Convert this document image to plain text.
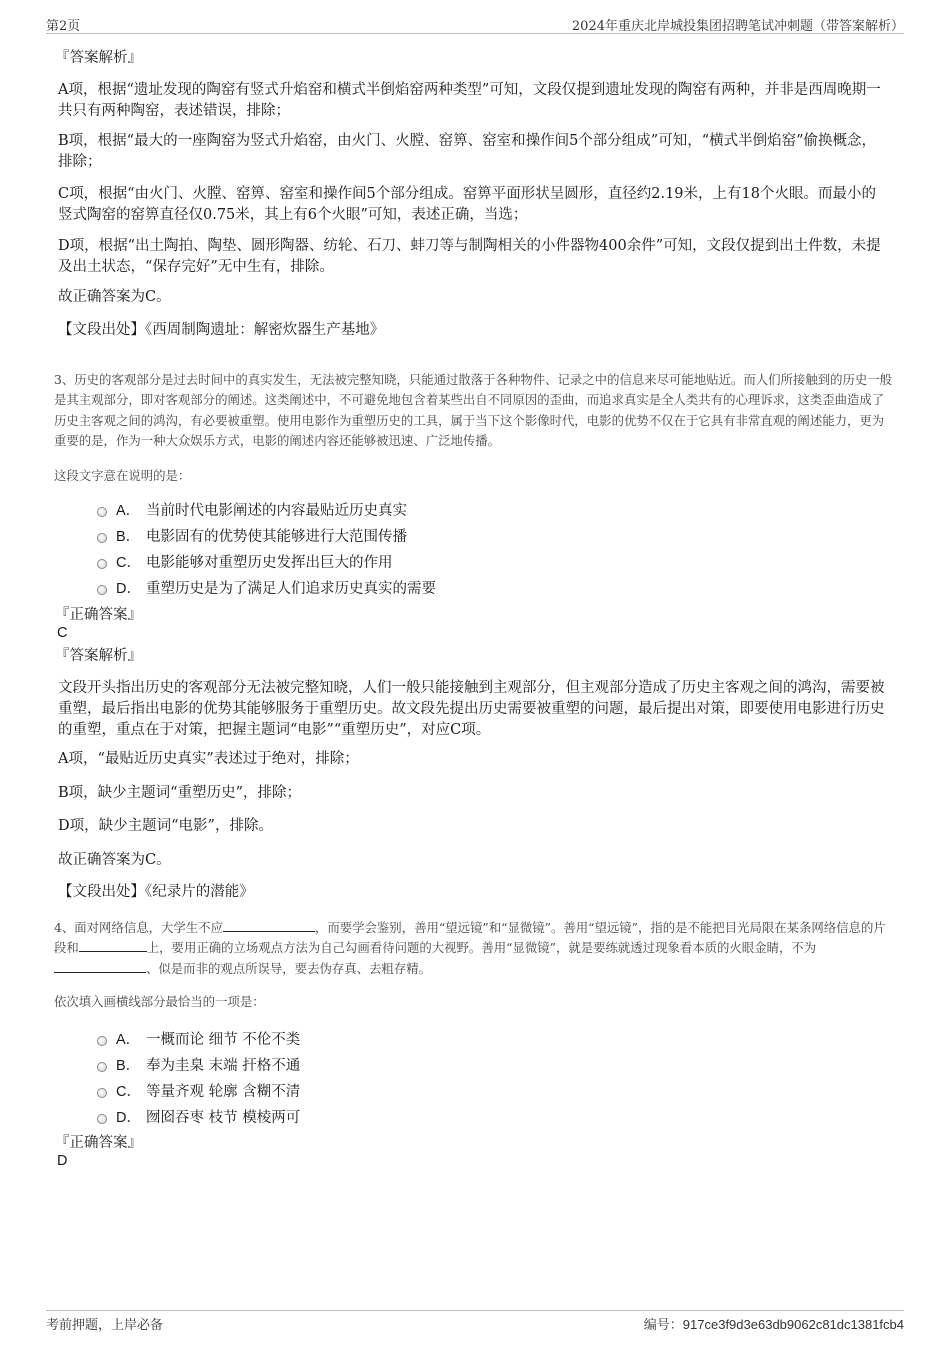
第2页	2024年重庆北岸城投集团招聘笔试冲刺题（带答案解析）
『答案解析』
A项，根据“遗址发现的陶窑有竖式升焰窑和横式半倒焰窑两种类型”可知，文段仅提到遗址发现的陶窑有两种，并非是西周晚期一共只有两种陶窑，表述错误，排除；
B项，根据“最大的一座陶窑为竖式升焰窑，由火门、火膛、窑箅、窑室和操作间5个部分组成”可知，“横式半倒焰窑”偷换概念，排除；
C项，根据“由火门、火膛、窑箅、窑室和操作间5个部分组成。窑箅平面形状呈圆形，直径约2.19米，上有18个火眼。而最小的竖式陶窑的窑箅直径仅0.75米，其上有6个火眼”可知，表述正确，当选；
D项，根据“出土陶拍、陶垫、圆形陶器、纺轮、石刀、蚌刀等与制陶相关的小件器物400余件”可知，文段仅提到出土件数，未提及出土状态，“保存完好”无中生有，排除。
故正确答案为C。
【文段出处】《西周制陶遗址：解密炊器生产基地》
3、历史的客观部分是过去时间中的真实发生，无法被完整知晓，只能通过散落于各种物件、记录之中的信息来尽可能地贴近。而人们所接触到的历史一般是其主观部分，即对客观部分的阐述。这类阐述中，不可避免地包含着某些出自不同原因的歪曲，而追求真实是全人类共有的心理诉求，这类歪曲造成了历史主客观之间的鸿沟，有必要被重塑。使用电影作为重塑历史的工具，属于当下这个影像时代，电影的优势不仅在于它具有非常直观的阐述能力，更为重要的是，作为一种大众娱乐方式，电影的阐述内容还能够被迅速、广泛地传播。
这段文字意在说明的是：
A． 当前时代电影阐述的内容最贴近历史真实
B． 电影固有的优势使其能够进行大范围传播
C． 电影能够对重塑历史发挥出巨大的作用
D． 重塑历史是为了满足人们追求历史真实的需要
『正确答案』
C
『答案解析』
文段开头指出历史的客观部分无法被完整知晓，人们一般只能接触到主观部分，但主观部分造成了历史主客观之间的鸿沟，需要被重塑，最后指出电影的优势其能够服务于重塑历史。故文段先提出历史需要被重塑的问题，最后提出对策，即要使用电影进行历史的重塑，重点在于对策，把握主题词“电影”“重塑历史”，对应C项。
A项，“最贴近历史真实”表述过于绝对，排除；
B项，缺少主题词“重塑历史”，排除；
D项，缺少主题词“电影”，排除。
故正确答案为C。
【文段出处】《纪录片的潜能》
4、面对网络信息，大学生不应	，而要学会鉴别，善用“望远镜”和“显微镜”。善用“望远镜”，指的是不能把目光局限在某条网络信息的片段和	上，要用正确的立场观点方法为自己勾画看待问题的大视野。善用“显微镜”，就是要练就透过现象看本质的火眼金睛，不为、似是而非的观点所误导，要去伪存真、去粗存精。
依次填入画横线部分最恰当的一项是：
A． 一概而论 细节 不伦不类
B． 奉为圭臬 末端 扞格不通
C． 等量齐观 轮廓 含糊不清
D． 囫囵吞枣 枝节 模棱两可
『正确答案』
D
考前押题，上岸必备	编号：917ce3f9d3e63db9062c81dc1381fcb4
